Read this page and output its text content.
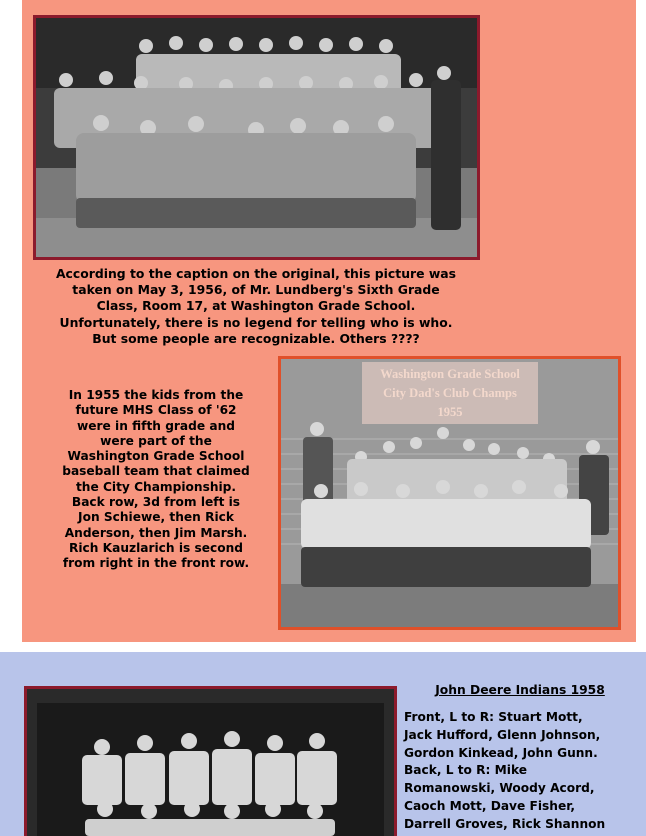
According to the caption on the original, this picture was
taken on May 3, 1956, of Mr. Lundberg's Sixth Grade
Class, Room 17, at Washington Grade School.
Unfortunately, there is no legend for telling who is who.
But some people are recognizable. Others ????
Washington Grade School
City Dad's Club Champs
1955
In 1955 the kids from the
future MHS Class of '62
were in fifth grade and
were part of the
Washington Grade School
baseball team that claimed
the City Championship.
Back row, 3d from left is
Jon Schiewe, then Rick
Anderson, then Jim Marsh.
Rich Kauzlarich is second
from right in the front row.
John Deere Indians 1958
Front, L to R: Stuart Mott,
Jack Hufford, Glenn Johnson,
Gordon Kinkead, John Gunn.
Back, L to R: Mike
Romanowski, Woody Acord,
Caoch Mott, Dave Fisher,
Darrell Groves, Rick Shannon
